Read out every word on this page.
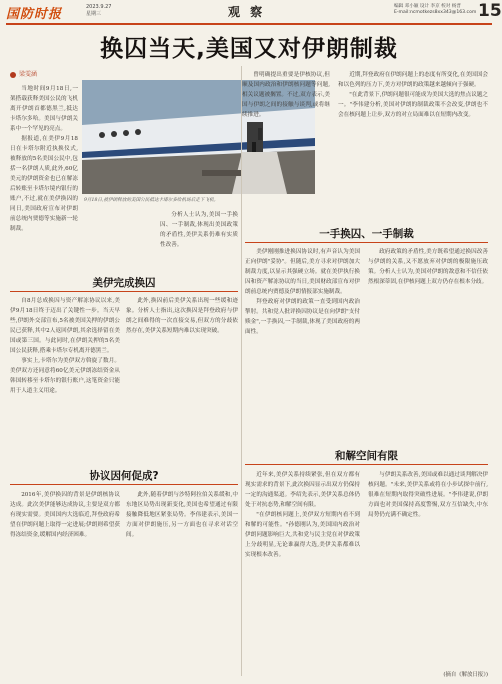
国防时报	2023.9.27
星期三	观 察	编辑 邓小颖 设计 李京 校对 杨晋
E-mail:ncmotkezs8xx343@163.com 15
换囚当天,美国又对伊朗制裁
梁雯涵

当地时间9月18日,一架搭载获释美国公民的飞机离开伊朗首都德黑兰,抵达卡塔尔多哈。美国与伊朗关系中一个罕见的亮点。

据报道,在美伊9月18日在卡塔尔附近执换仪式,被释放的5名美国公民中,包括一名伊朗人质,此外,60亿美元的伊朗资金也已在解冻后转账至卡塔尔境内银行的账户,不过,就在美伊换囚的同日,美国政府宣布对伊朗前总统内贾德等实施新一轮制裁。

9月18日,被伊朗释放的美国公民抵达卡塔尔多哈机场后走下飞机。

分析人士认为,美国一手换囚、一手制裁,体现出美国政策的矛盾性,美伊关系仍难有实质性改善。

曾明确提出重要是伊核协议,但顺及国内政治和伊朗核问题等问题,相关议题被搁置。不过,双方表示,美国与伊朗之间的接触与谈判,或将继续推进。

近期,拜登政府在伊朗问题上的态度有所变化,在美国国会和以色列的压力下,美方对伊朗的政策越来越倾向于强硬。

"在此背景下,伊朗问题很可能成为美国大选的焦点议题之一。"李伟建分析,美国对伊朗的制裁政策不会改变,伊朗也不会在核问题上让步,双方的对立局面难以在短期内改变。

美伊完成换囚

自8月总成换囚与资产解冻协议以来,美伊9月18日终于迈出了关键性一步。当天早些,伊朗外交部宣布,5名被美国关押的伊朗公民已获释,其中2人返回伊朗,其余选择留在美国或第三国。与此同时,在伊朗关押的5名美国公民获释,搭乘卡塔尔专机离开德黑兰。

事实上,卡塔尔为美伊双方斡旋了数月。美伊双方还同意将60亿美元伊朗冻结资金从韩国转移至卡塔尔的银行账户,这笔资金只能用于人道主义用途。

此外,换囚前后美伊关系出现一些缓和迹象。分析人士指出,这次换囚是拜登政府与伊朗之间难得的一次直接交易,但双方的分歧依然存在,美伊关系短期内难以实现突破。

协议因何促成?

2016年,美伊换囚的背景是伊朗核协议达成。此次美伊能够达成协议,主要是双方都有现实需要。美国国内大选临近,拜登政府希望在伊朗问题上取得一定进展;伊朗则希望获得冻结资金,缓解国内经济困难。

此外,随着伊朗与沙特阿拉伯关系缓和,中东地区局势出现新变化,美国也希望通过有限接触降低地区紧张局势。李伟建表示,美国一方面对伊朗施压,另一方面也在寻求对话空间。

一手换囚、一手制裁

美伊刚刚推进换囚协议时,有声音认为美国正向伊朗"妥协"。但随后,美方寻求对伊朗加大制裁力度,以显示其强硬立场。就在美伊执行换囚和资产解冻协议的当日,美国财政部宣布对伊朗前总统内贾德及伊朗情报部实施制裁。

拜登政府对伊朗的政策一直受到国内政治掣肘。共和党人批评换囚协议是在向伊朗"支付赎金",一手换囚,一手制裁,体现了美国政府的两面性。

政府政策的矛盾性,美方既希望通过换囚改善与伊朗的关系,又不愿放弃对伊朗的极限施压政策。分析人士认为,美国对伊朗的敌意和不信任依然根深蒂固,在伊核问题上双方仍存在根本分歧。

和解空间有限

近年来,美伊关系持续紧张,但在双方都有现实需求的背景下,此次换囚显示出双方仍保持一定的沟通渠道。李绍先表示,美伊关系总体仍处于对抗态势,和解空间有限。

"在伊朗核问题上,美伊双方短期内看不到和解的可能性。"孙德刚认为,美国国内政治对伊朗问题影响巨大,共和党与民主党在对伊政策上分歧明显,无论谁赢得大选,美伊关系都难以实现根本改善。

与伊朗关系改善,美国或难以通过谈判解决伊核问题。"未来,美伊关系或将在小步试探中前行,很难在短期内取得突破性进展。"李伟建说,伊朗方面也对美国保持高度警惕,双方互信缺失,中东局势仍充满不确定性。

(摘自《解放日报》)
